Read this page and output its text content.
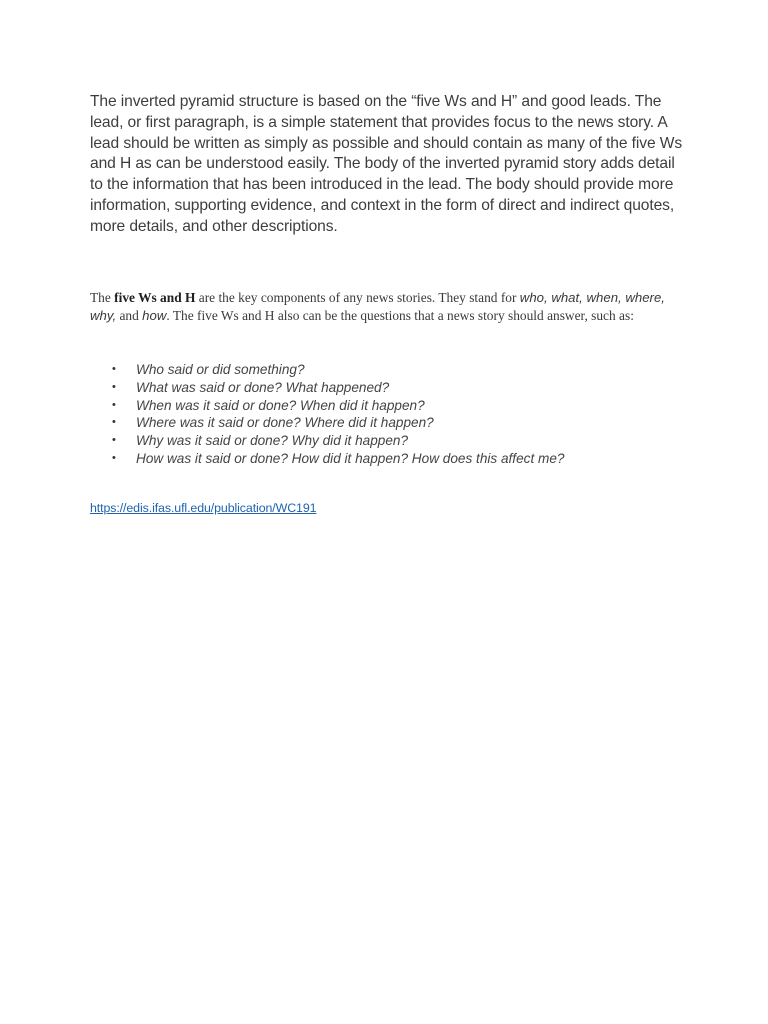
The inverted pyramid structure is based on the “five Ws and H” and good leads. The lead, or first paragraph, is a simple statement that provides focus to the news story. A lead should be written as simply as possible and should contain as many of the five Ws and H as can be understood easily. The body of the inverted pyramid story adds detail to the information that has been introduced in the lead. The body should provide more information, supporting evidence, and context in the form of direct and indirect quotes, more details, and other descriptions.

The five Ws and H are the key components of any news stories. They stand for who, what, when, where, why, and how. The five Ws and H also can be the questions that a news story should answer, such as:

• Who said or did something?
• What was said or done? What happened?
• When was it said or done? When did it happen?
• Where was it said or done? Where did it happen?
• Why was it said or done? Why did it happen?
• How was it said or done? How did it happen? How does this affect me?
https://edis.ifas.ufl.edu/publication/WC191
